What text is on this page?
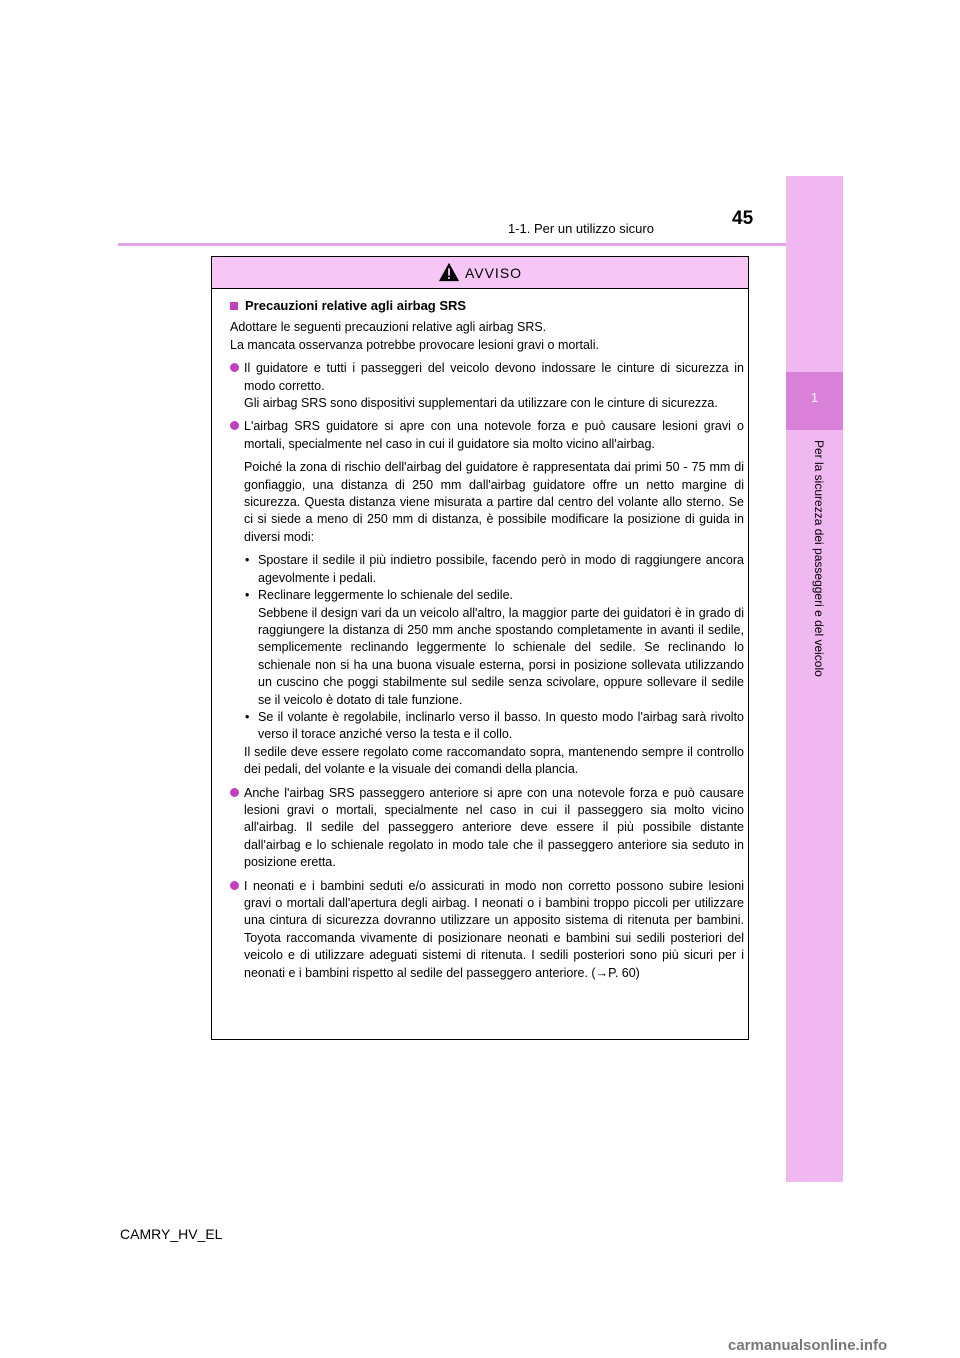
45
1-1. Per un utilizzo sicuro
1
Per la sicurezza dei passeggeri e del veicolo
AVVISO
Precauzioni relative agli airbag SRS

Adottare le seguenti precauzioni relative agli airbag SRS.
La mancata osservanza potrebbe provocare lesioni gravi o mortali.

Il guidatore e tutti i passeggeri del veicolo devono indossare le cinture di sicurezza in modo corretto.
Gli airbag SRS sono dispositivi supplementari da utilizzare con le cinture di sicurezza.

L'airbag SRS guidatore si apre con una notevole forza e può causare lesioni gravi o mortali, specialmente nel caso in cui il guidatore sia molto vicino all'airbag.

Poiché la zona di rischio dell'airbag del guidatore è rappresentata dai primi 50 - 75 mm di gonfiaggio, una distanza di 250 mm dall'airbag guidatore offre un netto margine di sicurezza. Questa distanza viene misurata a partire dal centro del volante allo sterno. Se ci si siede a meno di 250 mm di distanza, è possibile modificare la posizione di guida in diversi modi:

• Spostare il sedile il più indietro possibile, facendo però in modo di raggiungere ancora agevolmente i pedali.

• Reclinare leggermente lo schienale del sedile.

Sebbene il design vari da un veicolo all'altro, la maggior parte dei guidatori è in grado di raggiungere la distanza di 250 mm anche spostando completamente in avanti il sedile, semplicemente reclinando leggermente lo schienale del sedile. Se reclinando lo schienale non si ha una buona visuale esterna, porsi in posizione sollevata utilizzando un cuscino che poggi stabilmente sul sedile senza scivolare, oppure sollevare il sedile se il veicolo è dotato di tale funzione.

• Se il volante è regolabile, inclinarlo verso il basso. In questo modo l'airbag sarà rivolto verso il torace anziché verso la testa e il collo.

Il sedile deve essere regolato come raccomandato sopra, mantenendo sempre il controllo dei pedali, del volante e la visuale dei comandi della plancia.

Anche l'airbag SRS passeggero anteriore si apre con una notevole forza e può causare lesioni gravi o mortali, specialmente nel caso in cui il passeggero sia molto vicino all'airbag. Il sedile del passeggero anteriore deve essere il più possibile distante dall'airbag e lo schienale regolato in modo tale che il passeggero anteriore sia seduto in posizione eretta.

I neonati e i bambini seduti e/o assicurati in modo non corretto possono subire lesioni gravi o mortali dall'apertura degli airbag. I neonati o i bambini troppo piccoli per utilizzare una cintura di sicurezza dovranno utilizzare un apposito sistema di ritenuta per bambini. Toyota raccomanda vivamente di posizionare neonati e bambini sui sedili posteriori del veicolo e di utilizzare adeguati sistemi di ritenuta. I sedili posteriori sono più sicuri per i neonati e i bambini rispetto al sedile del passeggero anteriore. (→P. 60)

CAMRY_HV_EL
carmanualsonline.info
